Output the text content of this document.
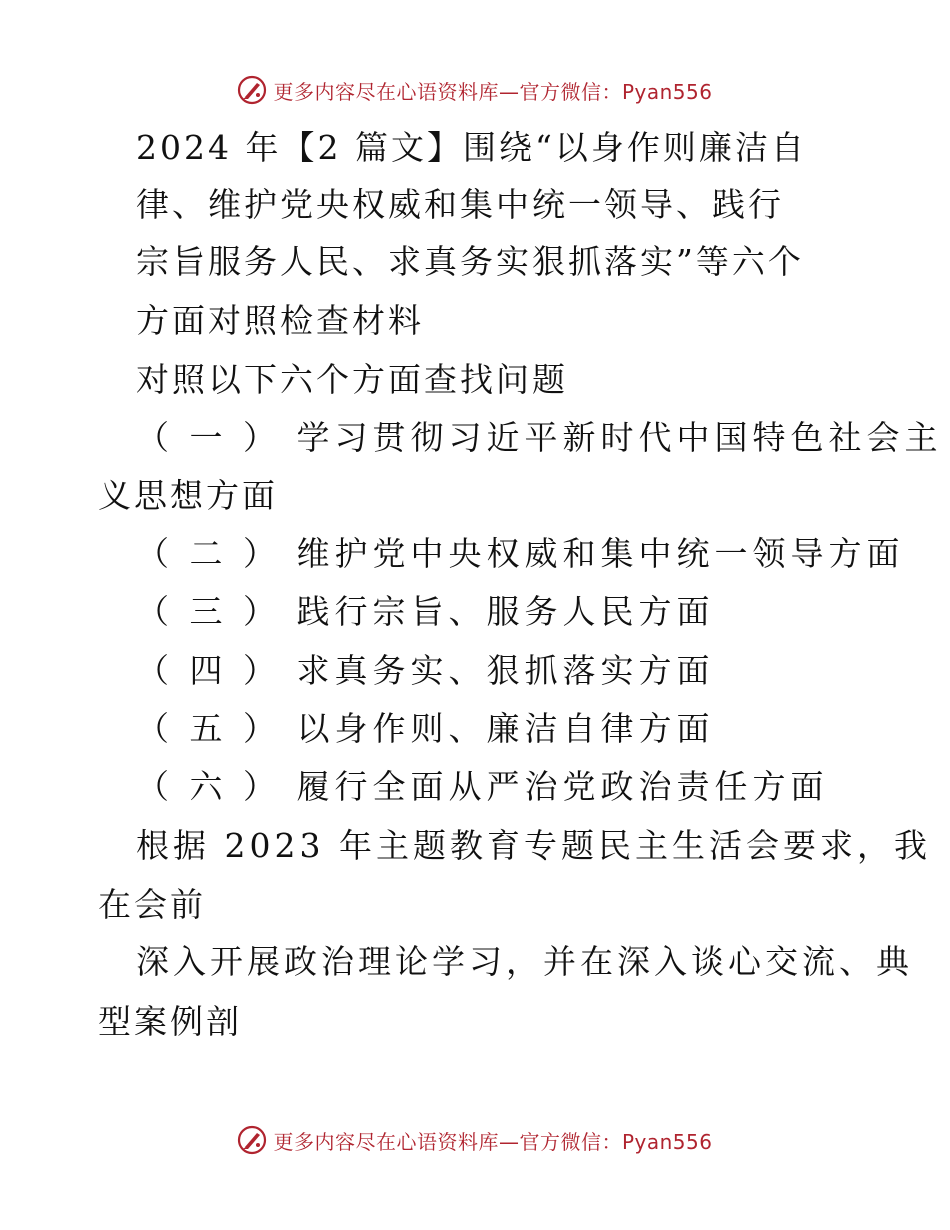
更多内容尽在心语资料库—官方微信：Pyan556
2024 年【2 篇文】围绕“以身作则廉洁自
律、维护党央权威和集中统一领导、践行
宗旨服务人民、求真务实狠抓落实”等六个
方面对照检查材料
对照以下六个方面查找问题
（ 一 ） 学习贯彻习近平新时代中国特色社会主
义思想方面
（ 二 ） 维护党中央权威和集中统一领导方面
（ 三 ） 践行宗旨、服务人民方面
（ 四 ） 求真务实、狠抓落实方面
（ 五 ） 以身作则、廉洁自律方面
（ 六 ） 履行全面从严治党政治责任方面
根据 2023 年主题教育专题民主生活会要求，我
在会前
深入开展政治理论学习，并在深入谈心交流、典
型案例剖
更多内容尽在心语资料库—官方微信：Pyan556
